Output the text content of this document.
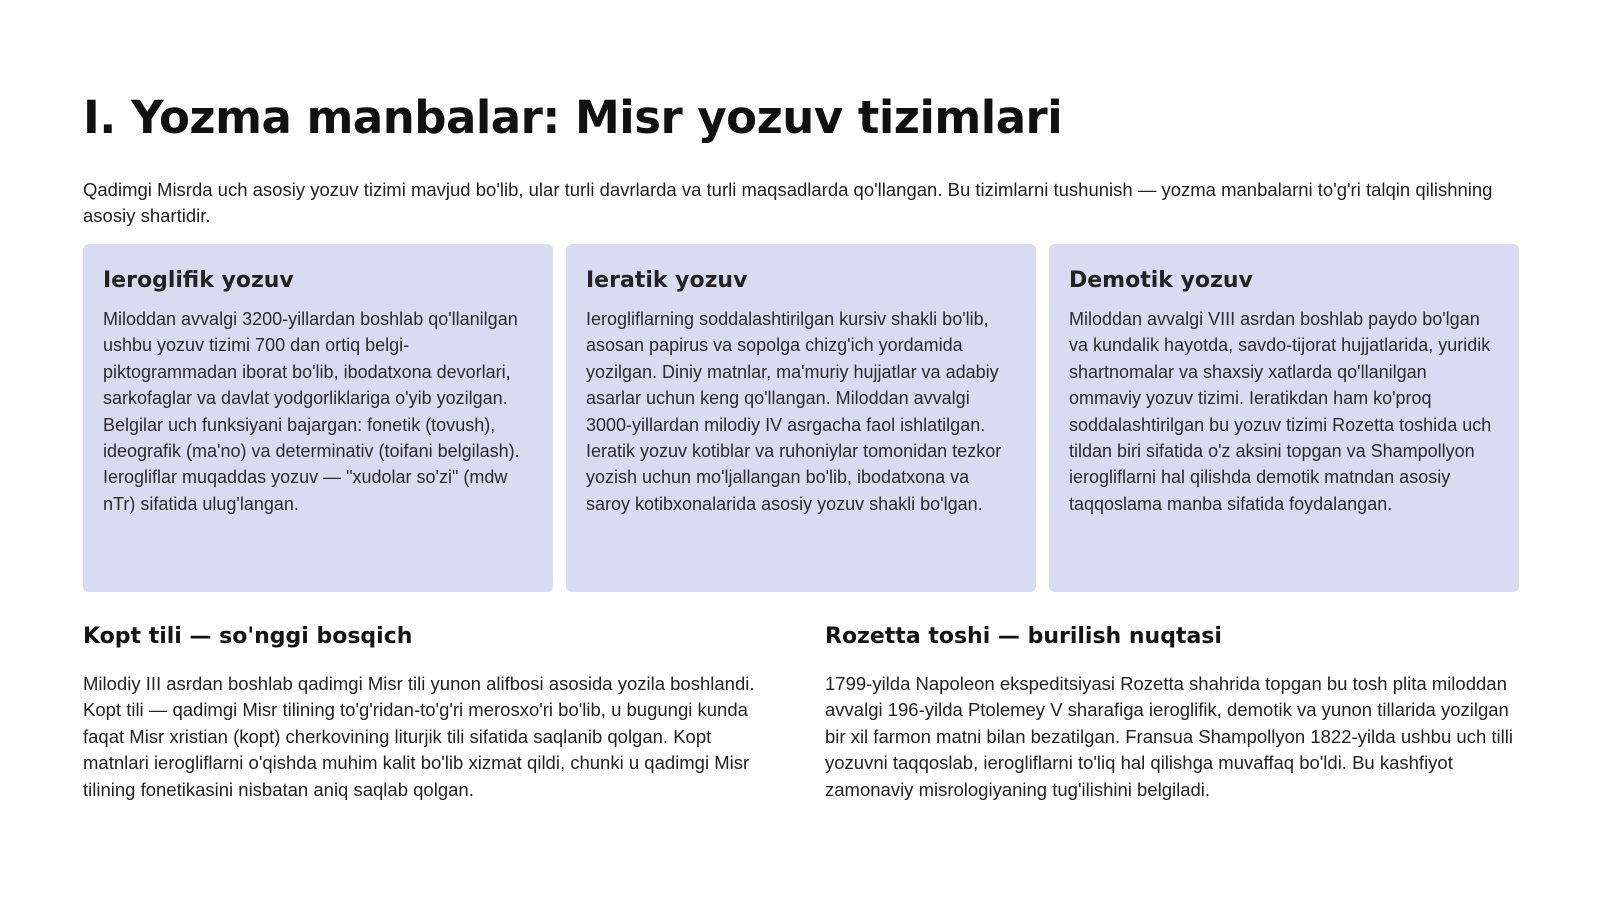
I. Yozma manbalar: Misr yozuv tizimlari

Qadimgi Misrda uch asosiy yozuv tizimi mavjud bo'lib, ular turli davrlarda va turli maqsadlarda qo'llangan. Bu tizimlarni tushunish — yozma manbalarni to'g'ri talqin qilishning asosiy shartidir.

Ieroglifik yozuv

Miloddan avvalgi 3200-yillardan boshlab qo'llanilgan ushbu yozuv tizimi 700 dan ortiq belgi-piktogrammadan iborat bo'lib, ibodatxona devorlari, sarkofaglar va davlat yodgorliklariga o'yib yozilgan. Belgilar uch funksiyani bajargan: fonetik (tovush), ideografik (ma'no) va determinativ (toifani belgilash). Ierogliflar muqaddas yozuv — "xudolar so'zi" (mdw nTr) sifatida ulug'langan.

Ieratik yozuv

Ierogliflarning soddalashtirilgan kursiv shakli bo'lib, asosan papirus va sopolga chizg'ich yordamida yozilgan. Diniy matnlar, ma'muriy hujjatlar va adabiy asarlar uchun keng qo'llangan. Miloddan avvalgi 3000-yillardan milodiy IV asrgacha faol ishlatilgan. Ieratik yozuv kotiblar va ruhoniylar tomonidan tezkor yozish uchun mo'ljallangan bo'lib, ibodatxona va saroy kotibxonalarida asosiy yozuv shakli bo'lgan.

Demotik yozuv

Miloddan avvalgi VIII asrdan boshlab paydo bo'lgan va kundalik hayotda, savdo-tijorat hujjatlarida, yuridik shartnomalar va shaxsiy xatlarda qo'llanilgan ommaviy yozuv tizimi. Ieratikdan ham ko'proq soddalashtirilgan bu yozuv tizimi Rozetta toshida uch tildan biri sifatida o'z aksini topgan va Shampollyon ierogliflarni hal qilishda demotik matndan asosiy taqqoslama manba sifatida foydalangan.

Kopt tili — so'nggi bosqich

Milodiy III asrdan boshlab qadimgi Misr tili yunon alifbosi asosida yozila boshlandi. Kopt tili — qadimgi Misr tilining to'g'ridan-to'g'ri merosxo'ri bo'lib, u bugungi kunda faqat Misr xristian (kopt) cherkovining liturjik tili sifatida saqlanib qolgan. Kopt matnlari ierogliflarni o'qishda muhim kalit bo'lib xizmat qildi, chunki u qadimgi Misr tilining fonetikasini nisbatan aniq saqlab qolgan.

Rozetta toshi — burilish nuqtasi

1799-yilda Napoleon ekspeditsiyasi Rozetta shahrida topgan bu tosh plita miloddan avvalgi 196-yilda Ptolemey V sharafiga ieroglifik, demotik va yunon tillarida yozilgan bir xil farmon matni bilan bezatilgan. Fransua Shampollyon 1822-yilda ushbu uch tilli yozuvni taqqoslab, ierogliflarni to'liq hal qilishga muvaffaq bo'ldi. Bu kashfiyot zamonaviy misrologiyaning tug'ilishini belgiladi.
